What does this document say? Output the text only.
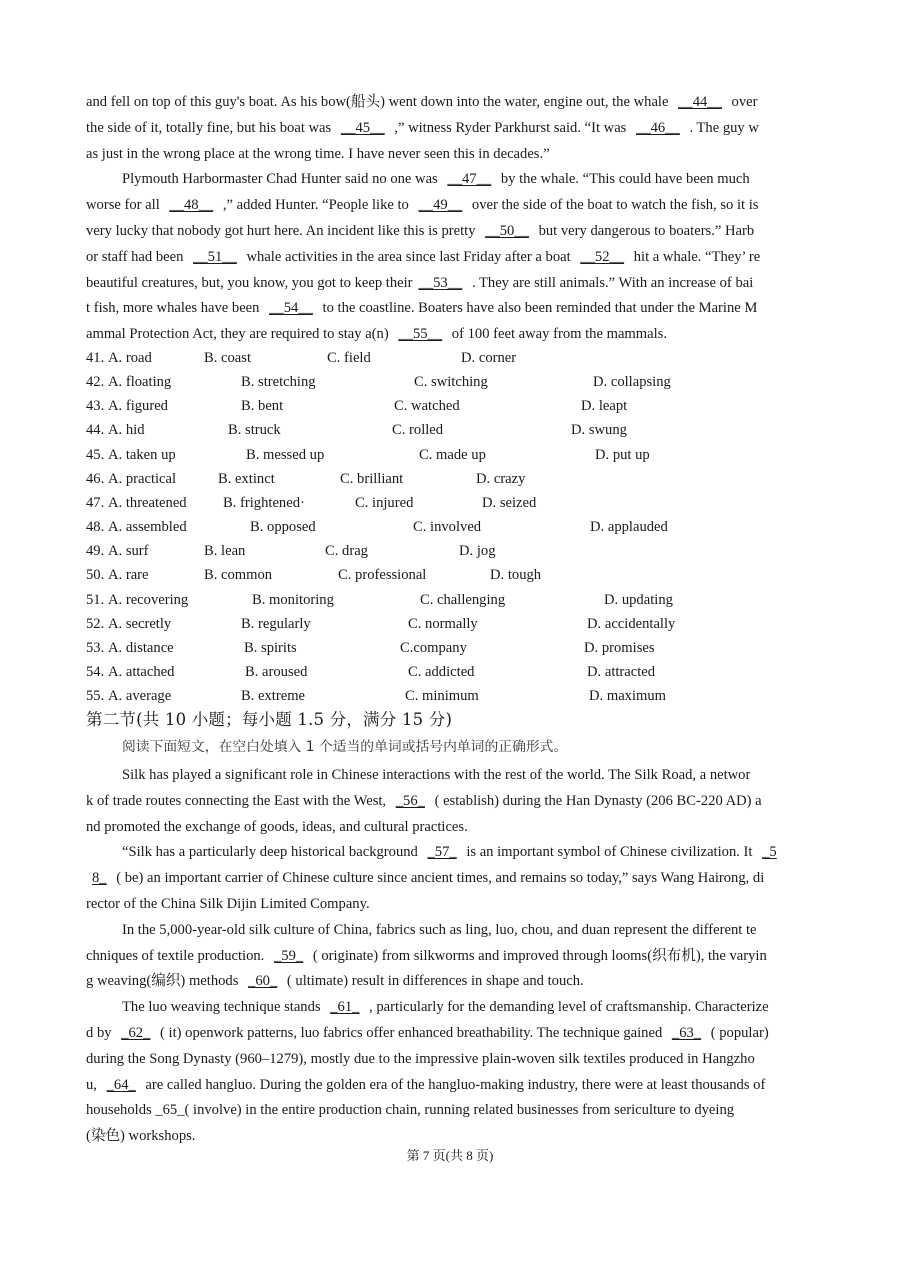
and fell on top of this guy's boat. As his bow(船头) went down into the water, engine out, the whale __44__ over
the side of it, totally fine, but his boat was __45__ ,” witness Ryder Parkhurst said. “It was __46__ . The guy w
as just in the wrong place at the wrong time. I have never seen this in decades.”
Plymouth Harbormaster Chad Hunter said no one was __47__ by the whale. “This could have been much
worse for all __48__ ,” added Hunter. “People like to __49__ over the side of the boat to watch the fish, so it is
very lucky that nobody got hurt here. An incident like this is pretty __50__ but very dangerous to boaters.” Harb
or staff had been __51__ whale activities in the area since last Friday after a boat __52__ hit a whale. “They’ re
beautiful creatures, but, you know, you got to keep their __53__ . They are still animals.” With an increase of bai
t fish, more whales have been __54__ to the coastline. Boaters have also been reminded that under the Marine M
ammal Protection Act, they are required to stay a(n) __55__ of 100 feet away from the mammals.
41. A. road	B. coast	C. field	D. corner
42. A. floating	B. stretching	C. switching	D. collapsing
43. A. figured	B. bent	C. watched	D. leapt
44. A. hid	B. struck	C. rolled	D. swung
45. A. taken up	B. messed up	C. made up	D. put up
46. A. practical	B. extinct	C. brilliant	D. crazy
47. A. threatened B. frightened·	C. injured	D. seized
48. A. assembled	B. opposed	C. involved	D. applauded
49. A. surf	B. lean	C. drag	D. jog
50. A. rare	B. common	C. professional	D. tough
51. A. recovering	B. monitoring	C. challenging	D. updating
52. A. secretly	B. regularly	C. normally	D. accidentally
53. A. distance	B. spirits	C.company	D. promises
54. A. attached	B. aroused	C. addicted	D. attracted
55. A. average	B. extreme	C. minimum	D. maximum
第二节(共 10 小题；每小题 1.5 分，满分 15 分)
阅读下面短文，在空白处填入 1 个适当的单词或括号内单词的正确形式。
Silk has played a significant role in Chinese interactions with the rest of the world. The Silk Road, a networ
k of trade routes connecting the East with the West, _56_ ( establish) during the Han Dynasty (206 BC-220 AD) a
nd promoted the exchange of goods, ideas, and cultural practices.
“Silk has a particularly deep historical background _57_ is an important symbol of Chinese civilization. It _5
8_ ( be) an important carrier of Chinese culture since ancient times, and remains so today,” says Wang Hairong, di
rector of the China Silk Dijin Limited Company.
In the 5,000-year-old silk culture of China, fabrics such as ling, luo, chou, and duan represent the different te
chniques of textile production. _59_ ( originate) from silkworms and improved through looms(织布机), the varyin
g weaving(编织) methods _60_ ( ultimate) result in differences in shape and touch.
The luo weaving technique stands _61_ , particularly for the demanding level of craftsmanship. Characterize
d by _62_ ( it) openwork patterns, luo fabrics offer enhanced breathability. The technique gained _63_ ( popular)
during the Song Dynasty (960–1279), mostly due to the impressive plain-woven silk textiles produced in Hangzho
u, _64_ are called hangluo. During the golden era of the hangluo-making industry, there were at least thousands of
households _65_( involve) in the entire production chain, running related businesses from sericulture to dyeing
(染色) workshops.
第 7 页(共 8 页)
